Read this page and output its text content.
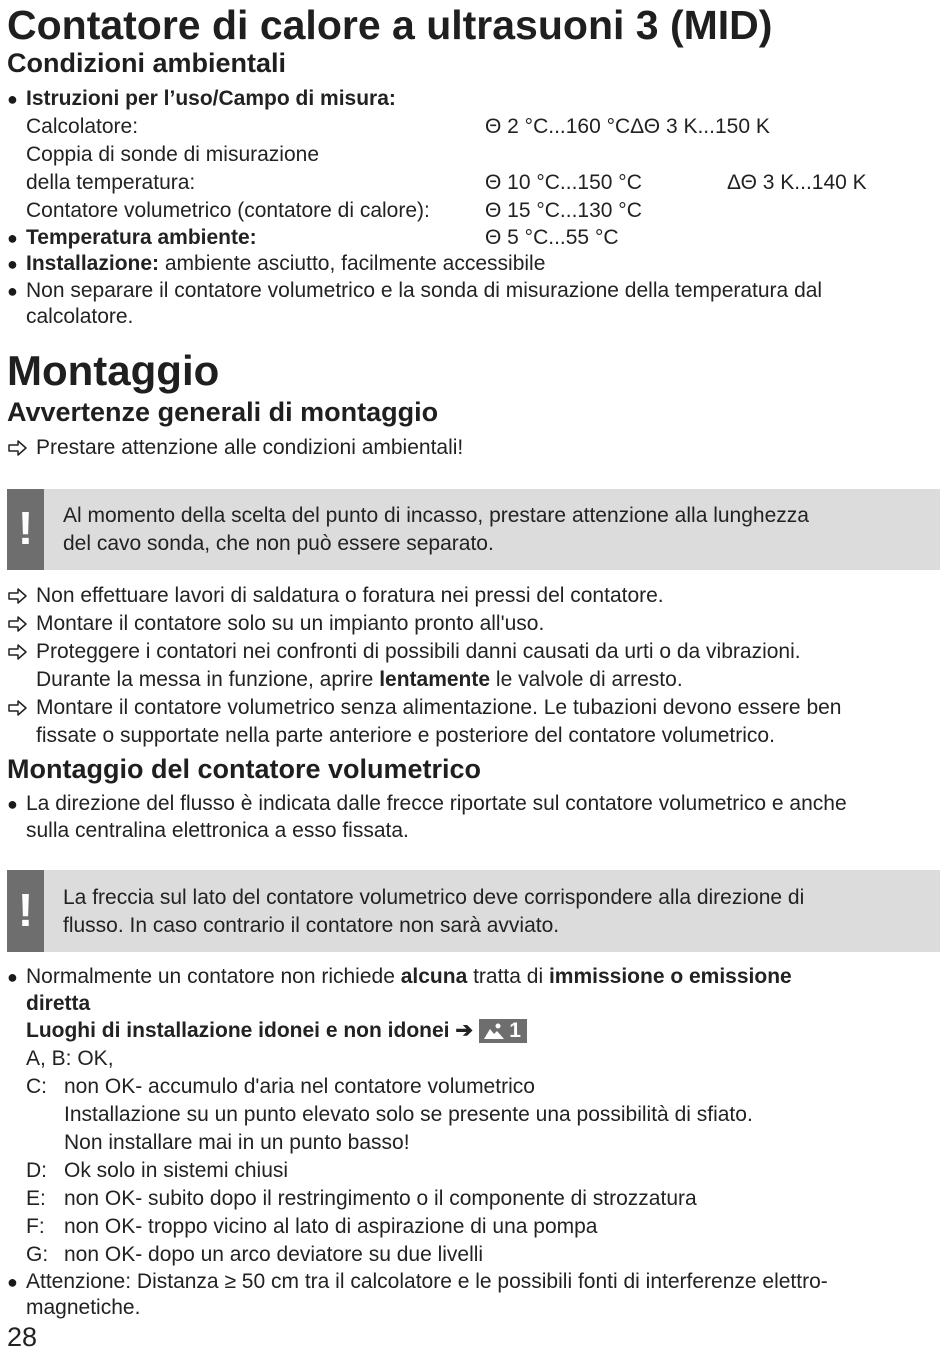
Contatore di calore a ultrasuoni 3 (MID)
Condizioni ambientali
● Istruzioni per l’uso/Campo di misura:
Calcolatore:	Θ 2 °C...160 °CΔΘ 3 K...150 K
Coppia di sonde di misurazione
della temperatura:	Θ 10 °C...150 °C	ΔΘ 3 K...140 K
Contatore volumetrico (contatore di calore):	Θ 15 °C...130 °C
● Temperatura ambiente:	Θ 5 °C...55 °C
● Installazione: ambiente asciutto, facilmente accessibile
● Non separare il contatore volumetrico e la sonda di misurazione della temperatura dal
calcolatore.
Montaggio
Avvertenze generali di montaggio
Prestare attenzione alle condizioni ambientali!
!	Al momento della scelta del punto di incasso, prestare attenzione alla lunghezza
del cavo sonda, che non può essere separato.
Non effettuare lavori di saldatura o foratura nei pressi del contatore.
Montare il contatore solo su un impianto pronto all'uso.
Proteggere i contatori nei confronti di possibili danni causati da urti o da vibrazioni.
Durante la messa in funzione, aprire lentamente le valvole di arresto.
Montare il contatore volumetrico senza alimentazione. Le tubazioni devono essere ben
fissate o supportate nella parte anteriore e posteriore del contatore volumetrico.
Montaggio del contatore volumetrico
● La direzione del flusso è indicata dalle frecce riportate sul contatore volumetrico e anche
sulla centralina elettronica a esso fissata.
!	La freccia sul lato del contatore volumetrico deve corrispondere alla direzione di
flusso. In caso contrario il contatore non sarà avviato.
● Normalmente un contatore non richiede alcuna tratta di immissione o emissione
diretta
Luoghi di installazione idonei e non idonei ➔ 1
A, B: OK,
C: non OK- accumulo d'aria nel contatore volumetrico
Installazione su un punto elevato solo se presente una possibilità di sfiato.
Non installare mai in un punto basso!
D: Ok solo in sistemi chiusi
E: non OK- subito dopo il restringimento o il componente di strozzatura
F: non OK- troppo vicino al lato di aspirazione di una pompa
G: non OK- dopo un arco deviatore su due livelli
● Attenzione: Distanza ≥ 50 cm tra il calcolatore e le possibili fonti di interferenze elettro-
magnetiche.
28
